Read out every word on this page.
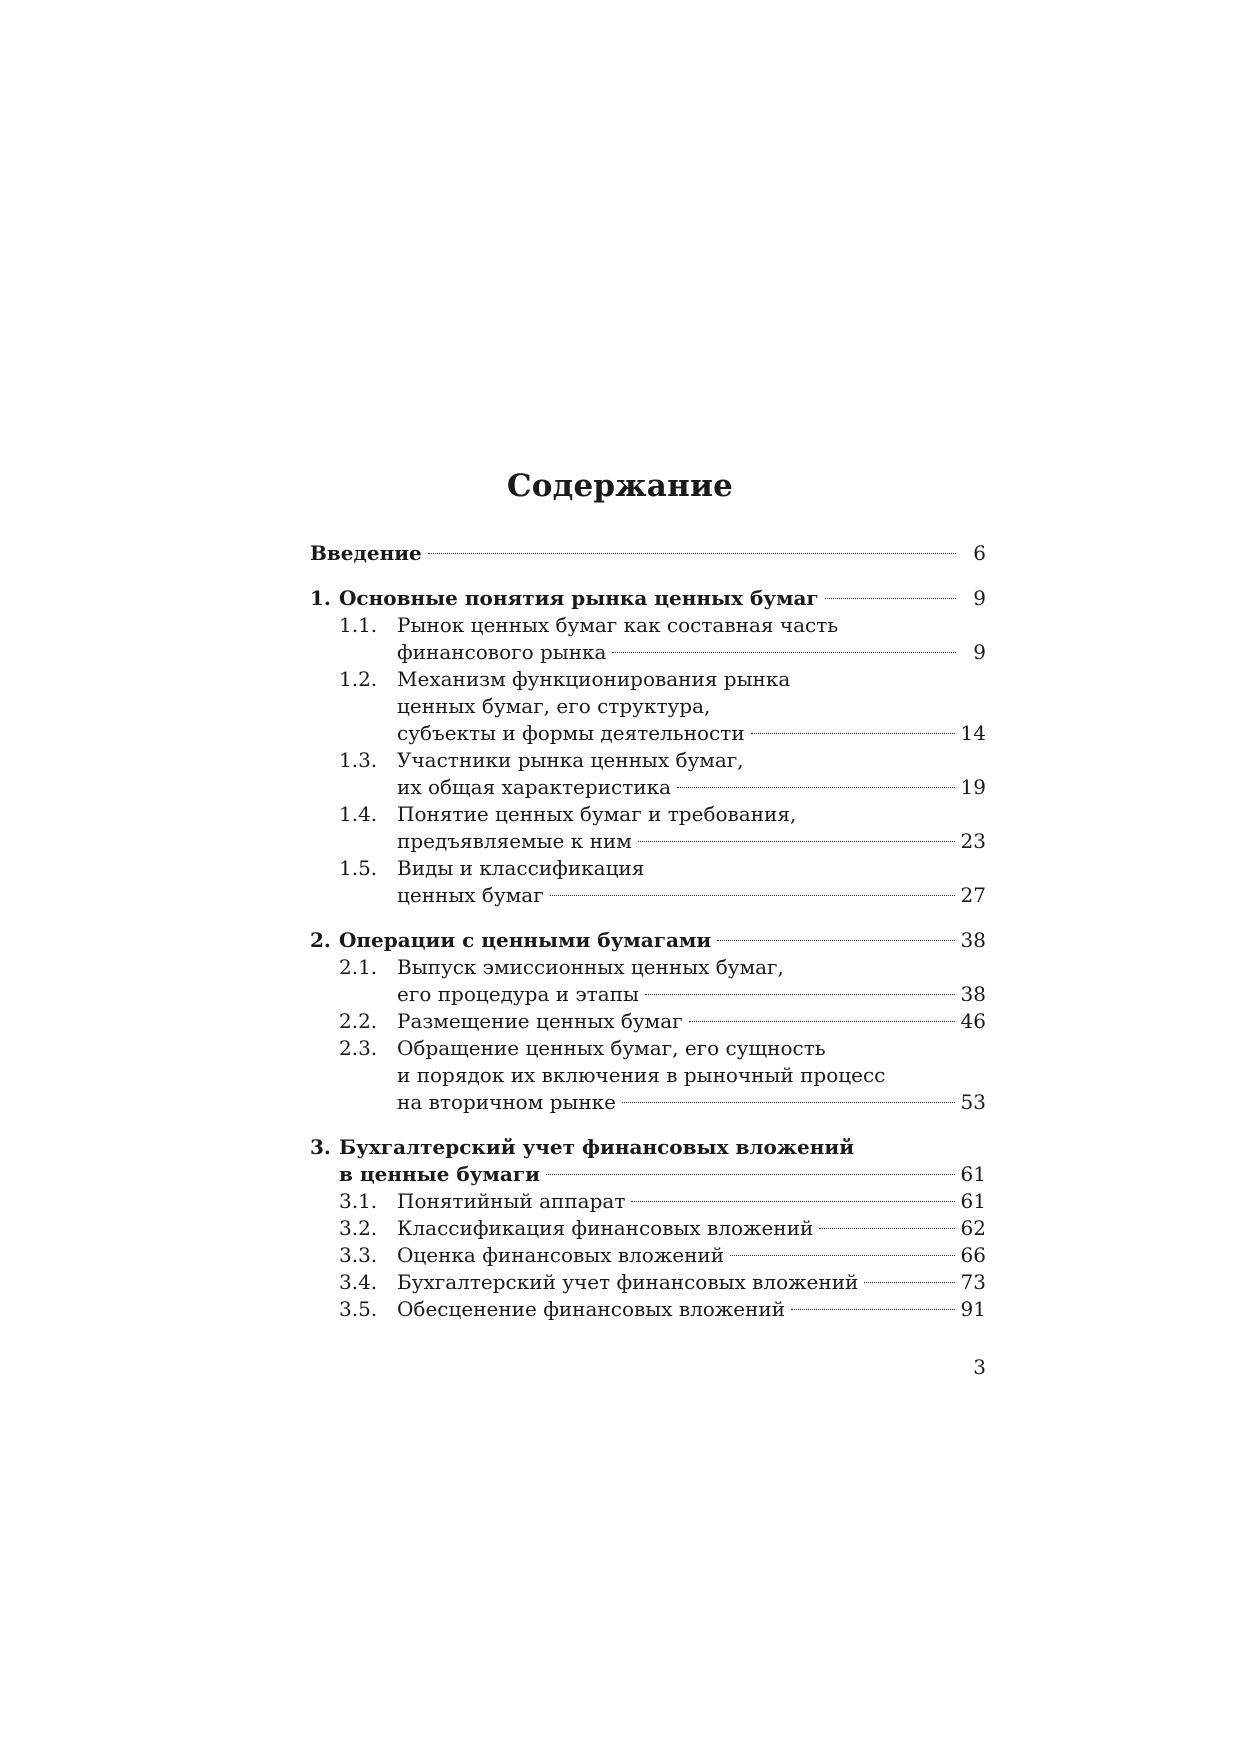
Содержание
Введение	6
1. Основные понятия рынка ценных бумаг	9
1.1. Рынок ценных бумаг как составная часть
финансового рынка	9
1.2. Механизм функционирования рынка
ценных бумаг, его структура,
субъекты и формы деятельности	14
1.3. Участники рынка ценных бумаг,
их общая характеристика	19
1.4. Понятие ценных бумаг и требования,
предъявляемые к ним	23
1.5. Виды и классификация
ценных бумаг	27
2. Операции с ценными бумагами	38
2.1. Выпуск эмиссионных ценных бумаг,
его процедура и этапы	38
2.2. Размещение ценных бумаг	46
2.3. Обращение ценных бумаг, его сущность
и порядок их включения в рыночный процесс
на вторичном рынке	53
3. Бухгалтерский учет финансовых вложений
в ценные бумаги	61
3.1. Понятийный аппарат	61
3.2. Классификация финансовых вложений	62
3.3. Оценка финансовых вложений	66
3.4. Бухгалтерский учет финансовых вложений	73
3.5. Обесценение финансовых вложений	91
3
